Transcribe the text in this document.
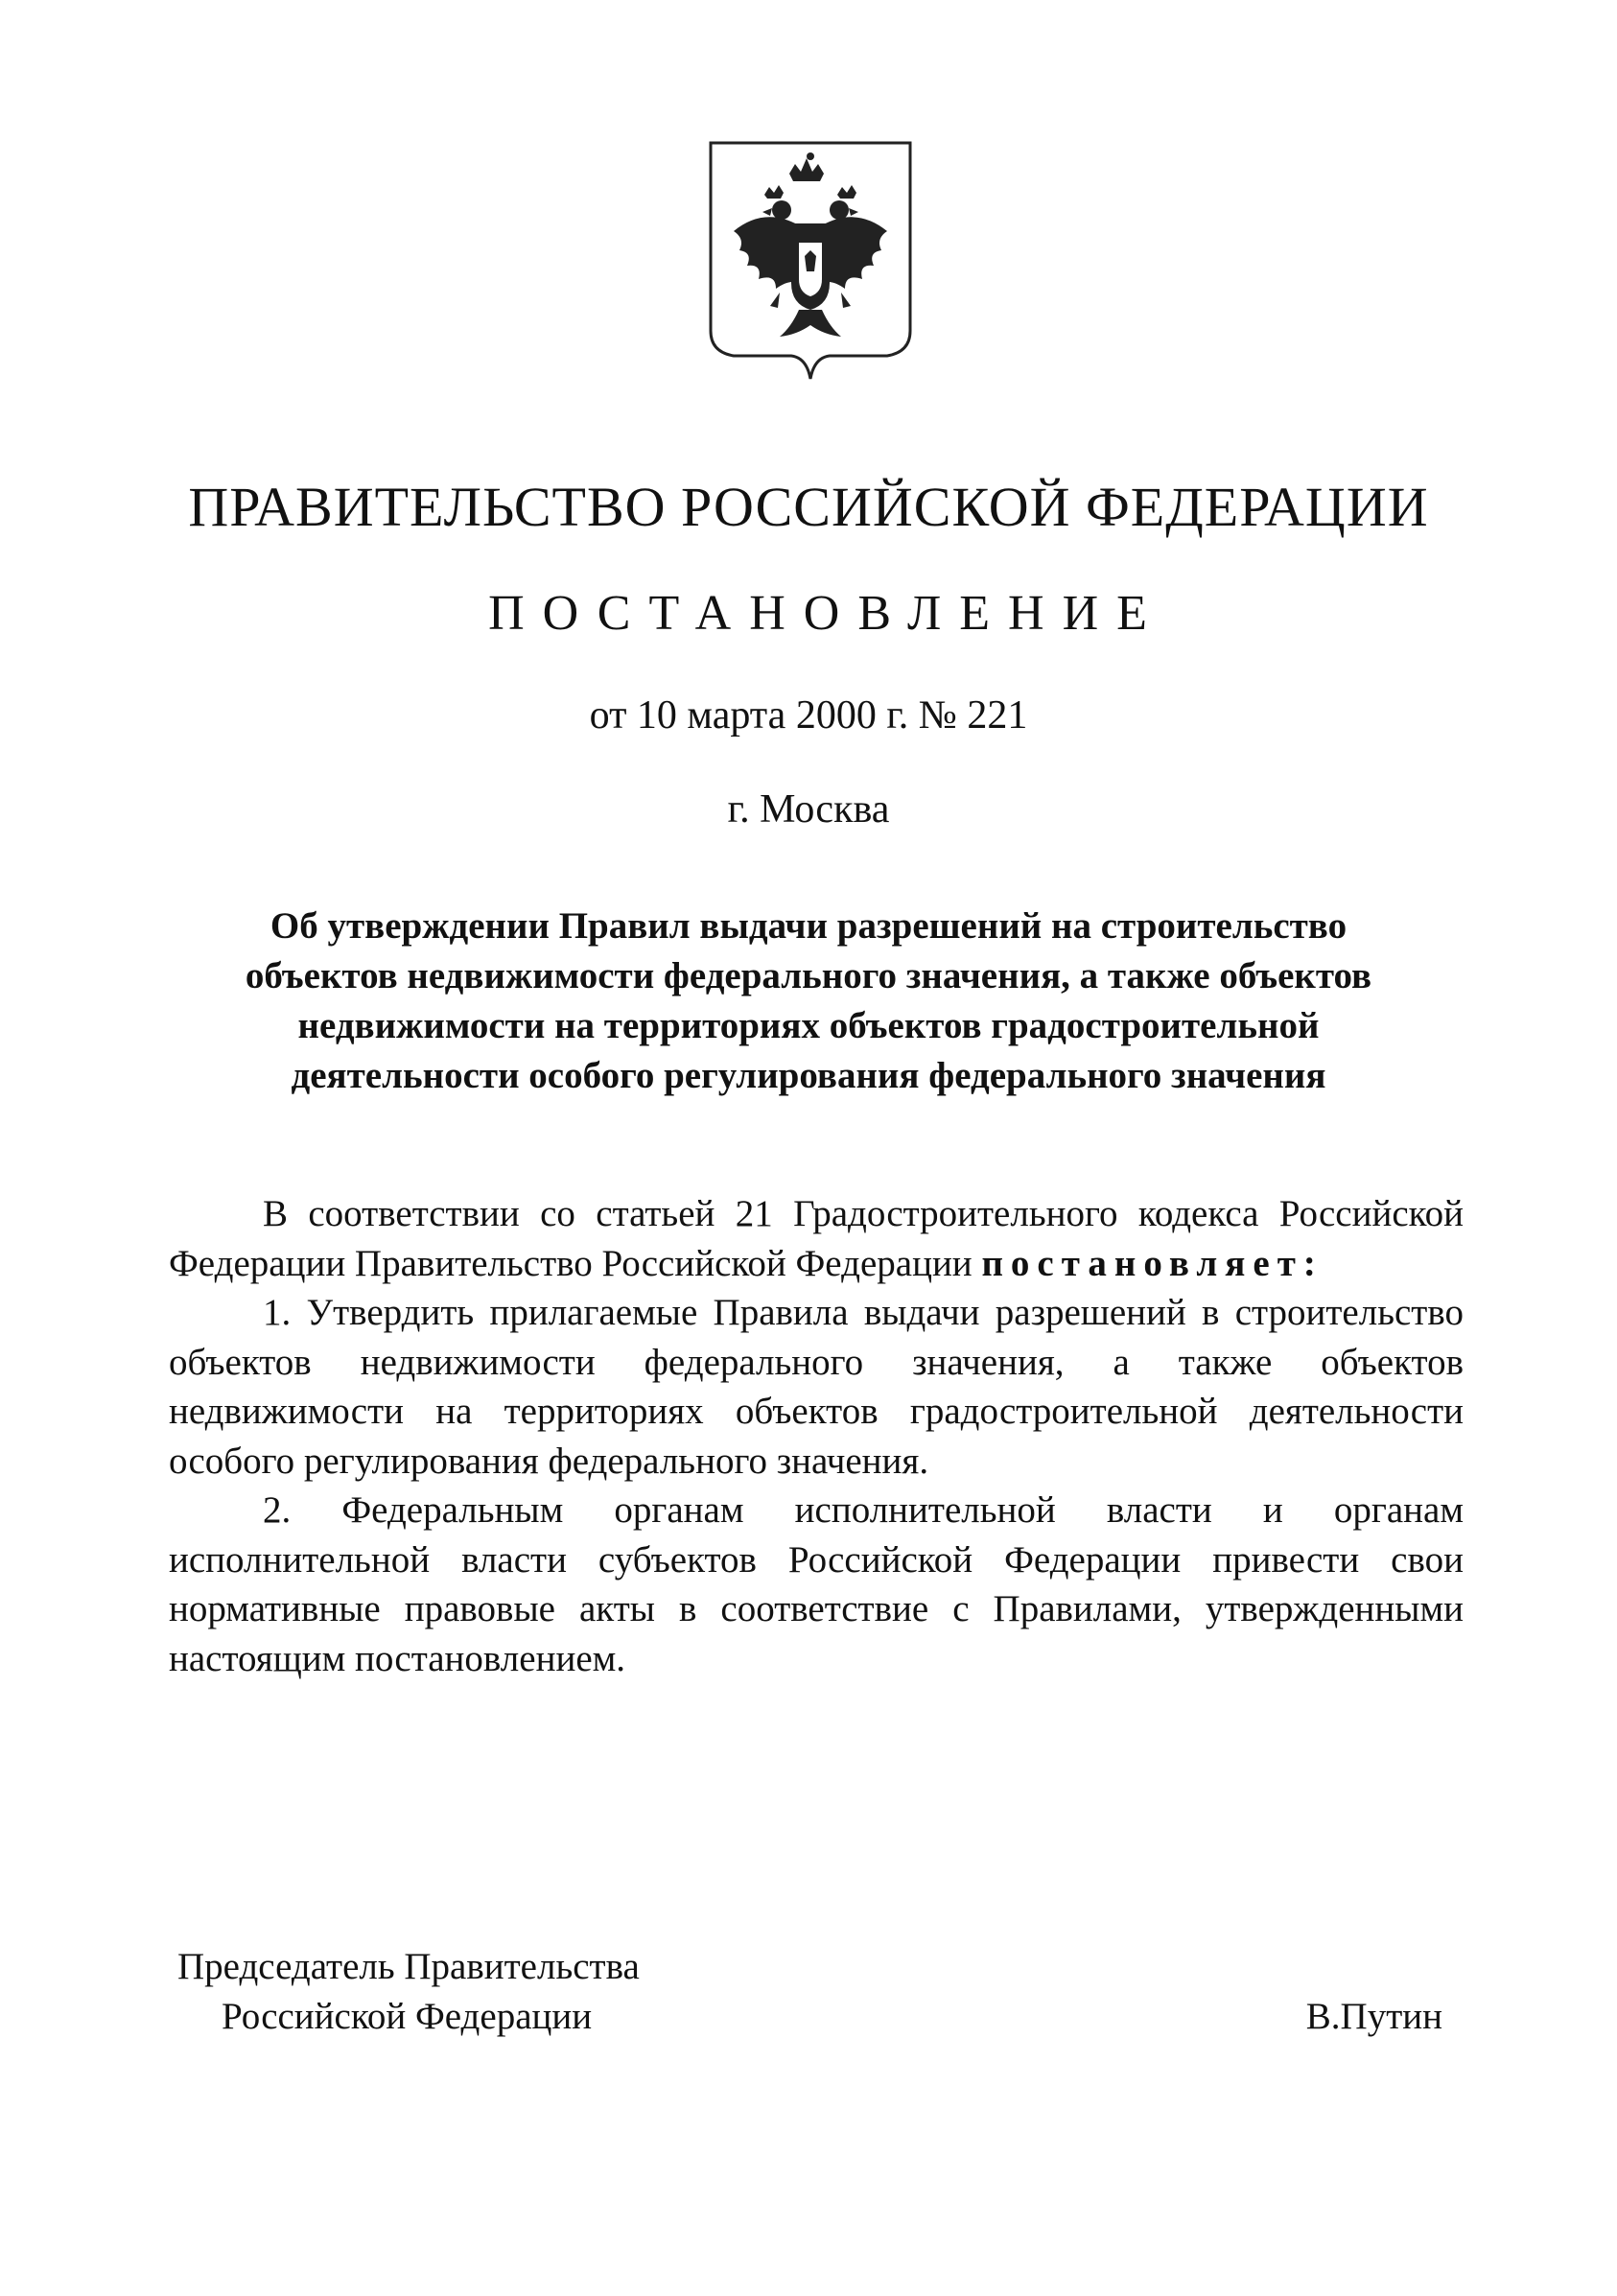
ПРАВИТЕЛЬСТВО РОССИЙСКОЙ ФЕДЕРАЦИИ
ПОСТАНОВЛЕНИЕ
от 10 марта 2000 г. № 221
г. Москва
Об утверждении Правил выдачи разрешений на строительство
объектов недвижимости федерального значения, а также объектов
недвижимости на территориях объектов градостроительной
деятельности особого регулирования федерального значения

В соответствии со статьей 21 Градостроительного кодекса Российской Федерации Правительство Российской Федерации постановляет:

1. Утвердить прилагаемые Правила выдачи разрешений в строительство объектов недвижимости федерального значения, а также объектов недвижимости на территориях объектов градостроительной деятельности особого регулирования федерального значения.

2. Федеральным органам исполнительной власти и органам исполнительной власти субъектов Российской Федерации привести свои нормативные правовые акты в соответствие с Правилами, утвержденными настоящим постановлением.

Председатель Правительства
Российской Федерации	В.Путин
